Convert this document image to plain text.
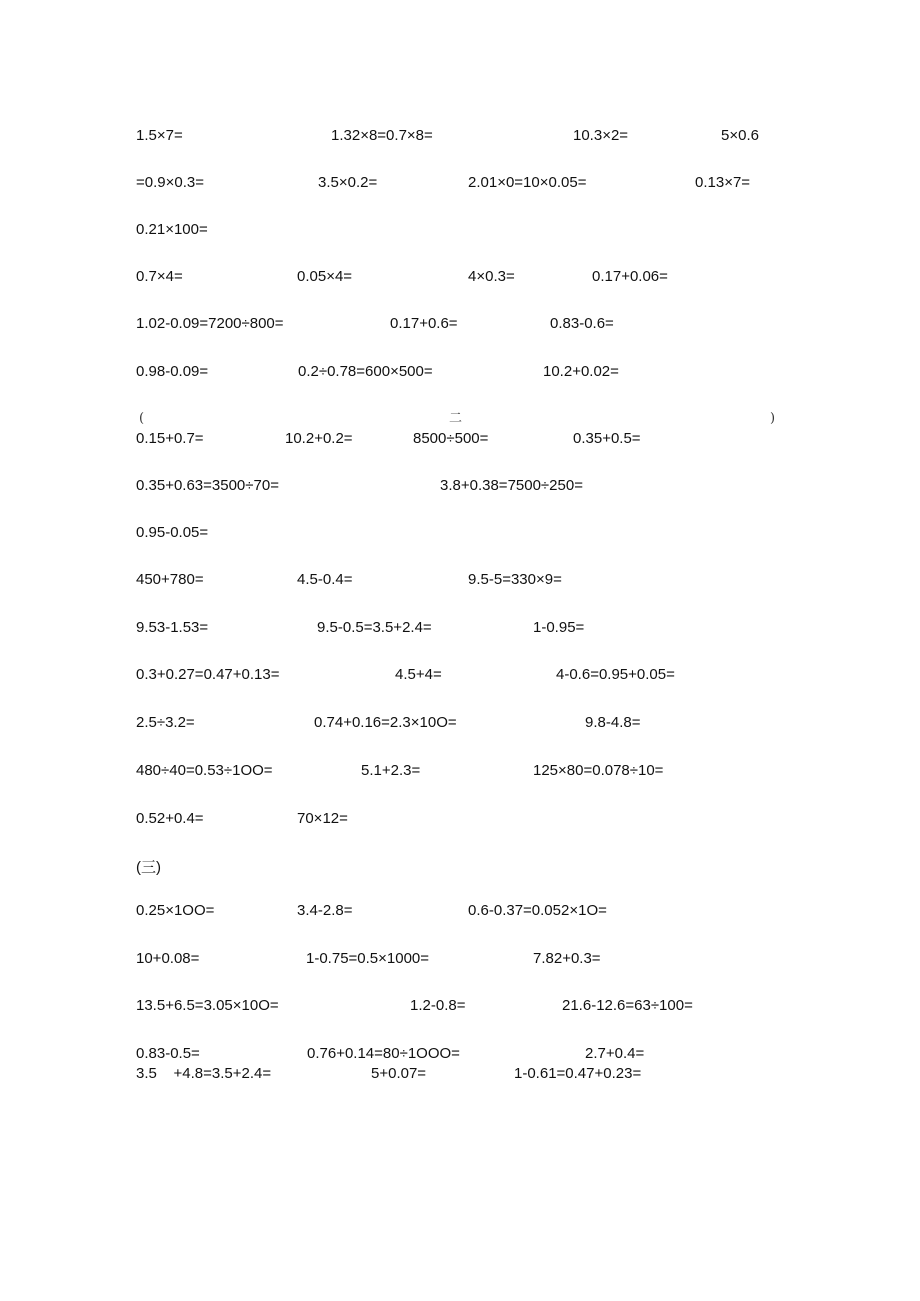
(	二	)
(三)
1.5×7=	1.32×8=0.7×8=	10.3×2=	5×0.6
=0.9×0.3=	3.5×0.2=	2.01×0=10×0.05=	0.13×7=
0.21×100=
0.7×4=	0.05×4=	4×0.3=	0.17+0.06=
1.02-0.09=7200÷800=	0.17+0.6=	0.83-0.6=
0.98-0.09=	0.2÷0.78=600×500=	10.2+0.02=
0.15+0.7=	10.2+0.2=	8500÷500=	0.35+0.5=
0.35+0.63=3500÷70=	3.8+0.38=7500÷250=
0.95-0.05=
450+780=	4.5-0.4=	9.5-5=330×9=
9.53-1.53=	9.5-0.5=3.5+2.4=	1-0.95=
0.3+0.27=0.47+0.13=	4.5+4=	4-0.6=0.95+0.05=
2.5÷3.2=	0.74+0.16=2.3×10O=	9.8-4.8=
480÷40=0.53÷1OO=	5.1+2.3=	125×80=0.078÷10=
0.52+0.4=	70×12=
0.25×1OO=	3.4-2.8=	0.6-0.37=0.052×1O=
10+0.08=	1-0.75=0.5×1000=	7.82+0.3=
13.5+6.5=3.05×10O=	1.2-0.8=	21.6-12.6=63÷100=
0.83-0.5=	0.76+0.14=80÷1OOO=	2.7+0.4=
3.5    +4.8=3.5+2.4=	5+0.07=	1-0.61=0.47+0.23=
